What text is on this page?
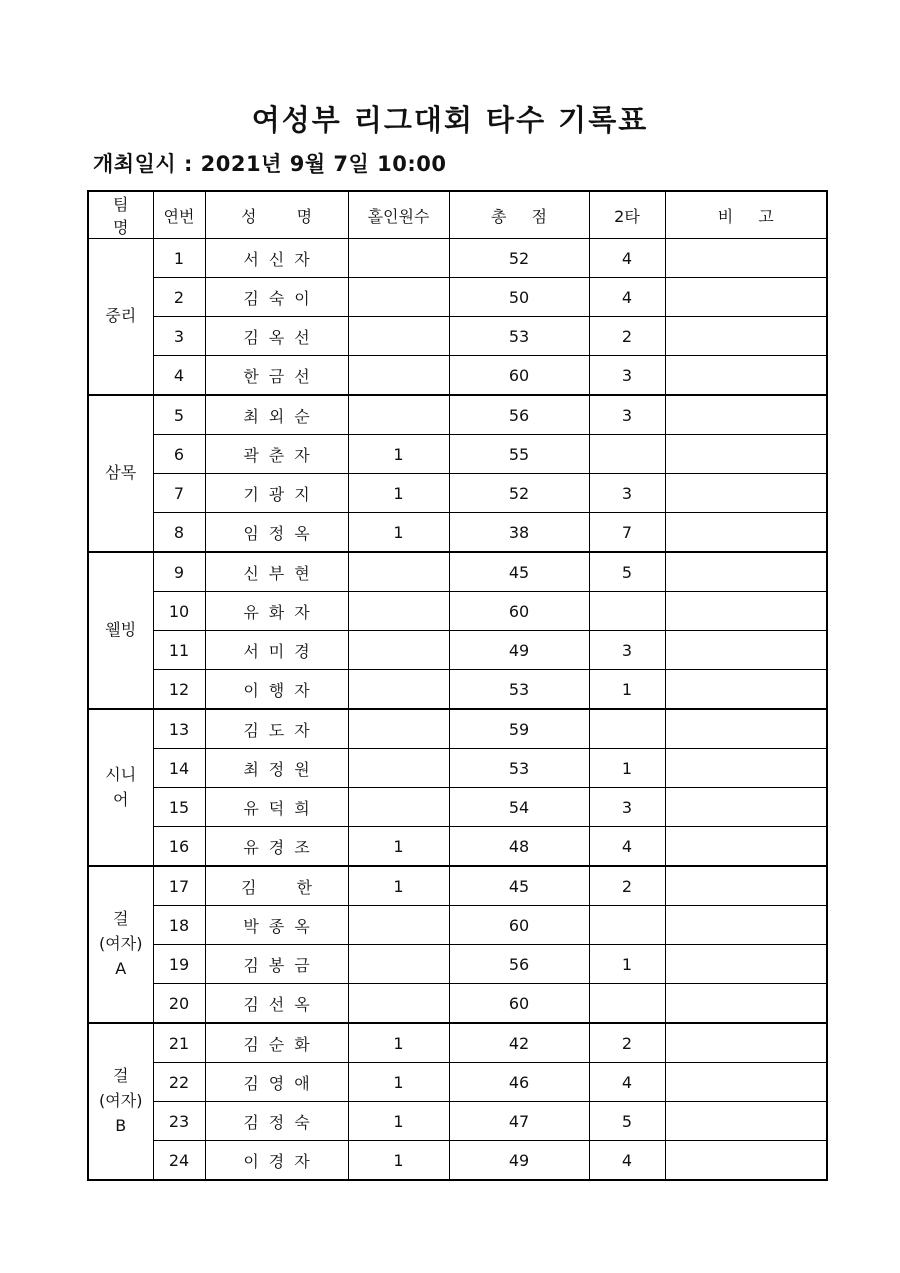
여성부 리그대회 타수 기록표
개최일시 : 2021년 9월 7일 10:00
팀 명	연번	성  명	홀인원수	총 점	2타	비 고

중리	1	서신자		52	4	
	2	김숙이		50	4	
	3	김옥선		53	2	
	4	한금선		60	3	

삼목	5	최외순		56	3	
	6	곽춘자	1	55		
	7	기광지	1	52	3	
	8	임정옥	1	38	7	

웰빙	9	신부현		45	5	
	10	유화자		60		
	11	서미경		49	3	
	12	이행자		53	1	

시니
어	13	김도자		59		
	14	최정원		53	1	
	15	유덕희		54	3	
	16	유경조	1	48	4	

걸
(여자)
A	17	김  한	1	45	2	
	18	박종옥		60		
	19	김봉금		56	1	
	20	김선옥		60		

걸
(여자)
B	21	김순화	1	42	2	
	22	김영애	1	46	4	
	23	김정숙	1	47	5	
	24	이경자	1	49	4	
